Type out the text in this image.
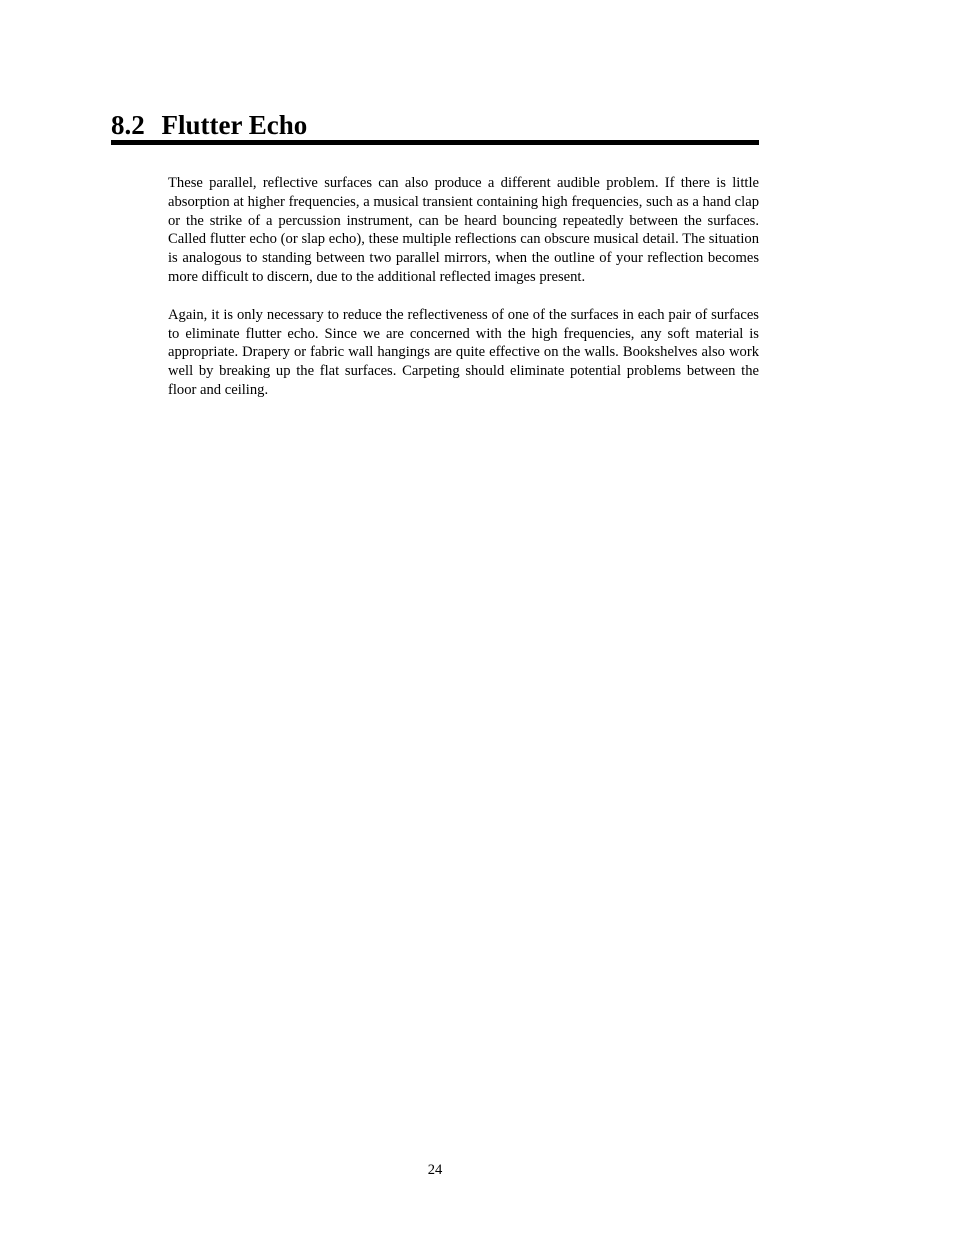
8.2 Flutter Echo

These parallel, reflective surfaces can also produce a different audible problem. If there is little absorption at higher frequencies, a musical transient containing high frequencies, such as a hand clap or the strike of a percussion instrument, can be heard bouncing repeatedly between the surfaces. Called flutter echo (or slap echo), these multiple reflections can obscure musical detail. The situation is analogous to standing between two parallel mirrors, when the outline of your reflection becomes more difficult to discern, due to the additional reflected images present.

Again, it is only necessary to reduce the reflectiveness of one of the surfaces in each pair of surfaces to eliminate flutter echo. Since we are concerned with the high frequencies, any soft material is appropriate. Drapery or fabric wall hangings are quite effective on the walls. Bookshelves also work well by breaking up the flat surfaces. Carpeting should eliminate potential problems between the floor and ceiling.

24
